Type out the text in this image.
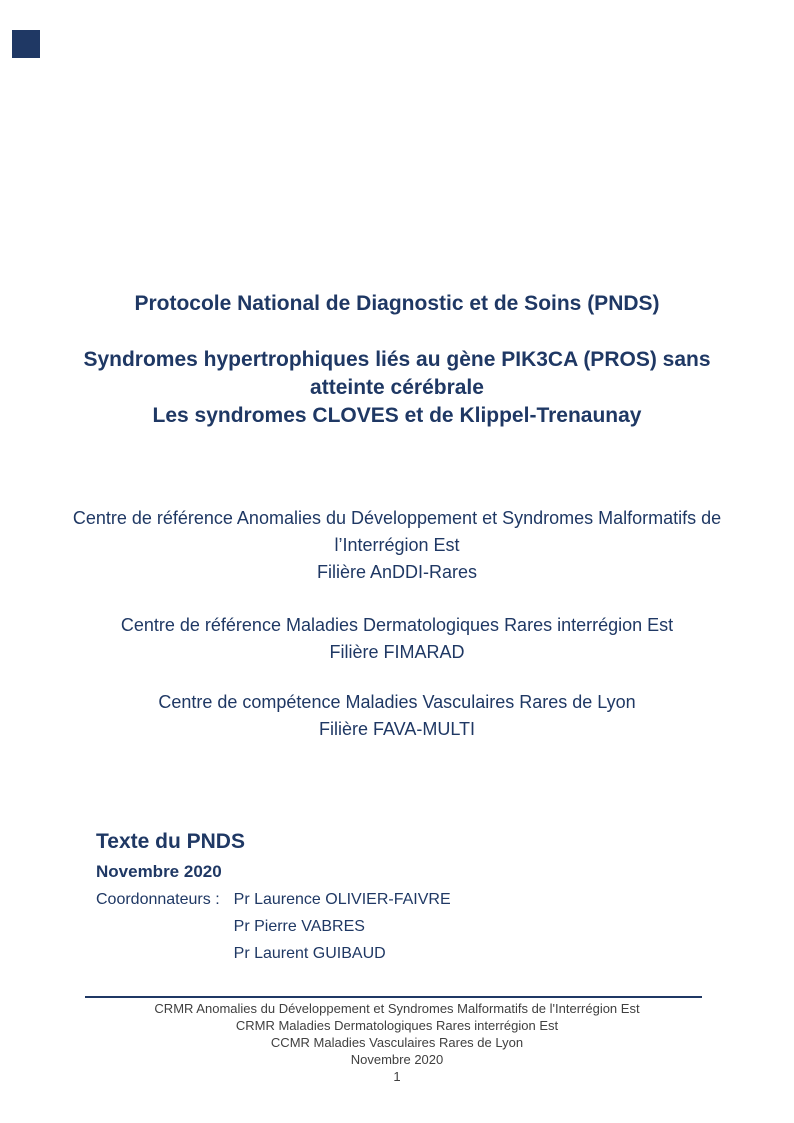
Protocole National de Diagnostic et de Soins (PNDS)
Syndromes hypertrophiques liés au gène PIK3CA (PROS) sans
atteinte cérébrale
Les syndromes CLOVES et de Klippel-Trenaunay
Centre de référence Anomalies du Développement et Syndromes Malformatifs de
l’Interrégion Est
Filière AnDDI-Rares
Centre de référence Maladies Dermatologiques Rares interrégion Est
Filière FIMARAD
Centre de compétence Maladies Vasculaires Rares de Lyon
Filière FAVA-MULTI
Texte du PNDS
Novembre 2020
Coordonnateurs : Pr Laurence OLIVIER-FAIVRE
Pr Pierre VABRES
Pr Laurent GUIBAUD
CRMR Anomalies du Développement et Syndromes Malformatifs de l'Interrégion Est
CRMR Maladies Dermatologiques Rares interrégion Est
CCMR Maladies Vasculaires Rares de Lyon
Novembre 2020
1
